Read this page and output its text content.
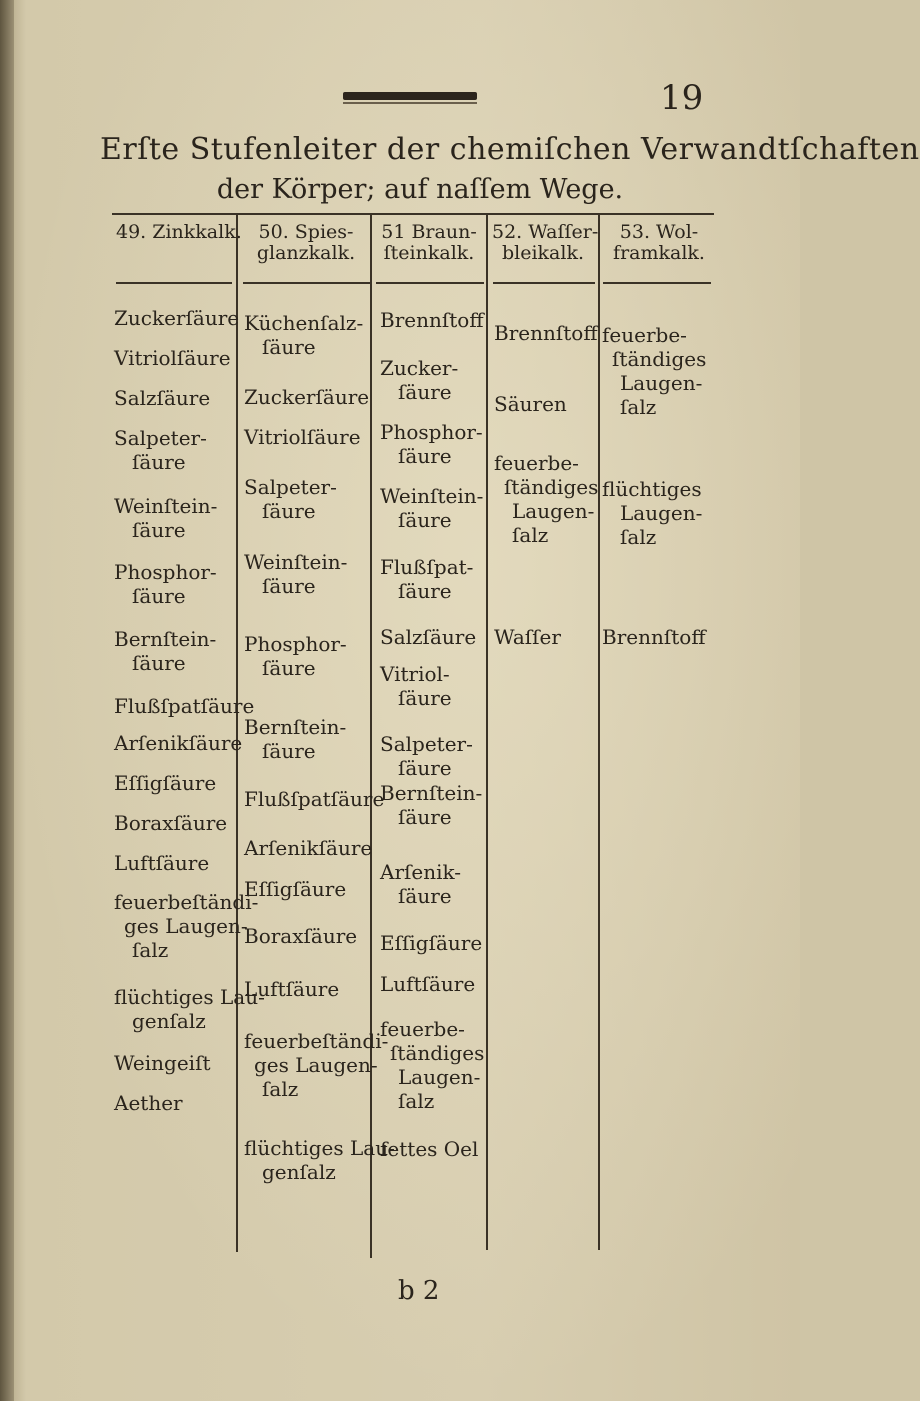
19
Erſte Stufenleiter der chemiſchen Verwandtſchaften
der Körper; auf naſſem Wege.
49. Zinkkalk.
Zuckerſäure
Vitriolſäure
Salzſäure
Salpeter-
ſäure
Weinſtein-
ſäure
Phosphor-
ſäure
Bernſtein-
ſäure
Flußſpatſäure
Arſenikſäure
Eſſigſäure
Boraxſäure
Luftſäure
feuerbeſtändi-
ges Laugen-
ſalz
flüchtiges Lau-
genſalz
Weingeiſt
Aether
50. Spies-
glanzkalk.
Küchenſalz-
ſäure
Zuckerſäure
Vitriolſäure
Salpeter-
ſäure
Weinſtein-
ſäure
Phosphor-
ſäure
Bernſtein-
ſäure
Flußſpatſäure
Arſenikſäure
Eſſigſäure
Boraxſäure
Luftſäure
feuerbeſtändi-
ges Laugen-
ſalz
flüchtiges Lau-
genſalz
51 Braun-
ſteinkalk.
Brennſtoff
Zucker-
ſäure
Phosphor-
ſäure
Weinſtein-
ſäure
Flußſpat-
ſäure
Salzſäure
Vitriol-
ſäure
Salpeter-
ſäure
Bernſtein-
ſäure
Arſenik-
ſäure
Eſſigſäure
Luftſäure
feuerbe-
ſtändiges
Laugen-
ſalz
fettes Oel
52. Waſſer-
bleikalk.
Brennſtoff
Säuren
feuerbe-
ſtändiges
Laugen-
ſalz
Waſſer
53. Wol-
framkalk.
feuerbe-
ſtändiges
Laugen-
ſalz
flüchtiges
Laugen-
ſalz
Brennſtoff
b 2
